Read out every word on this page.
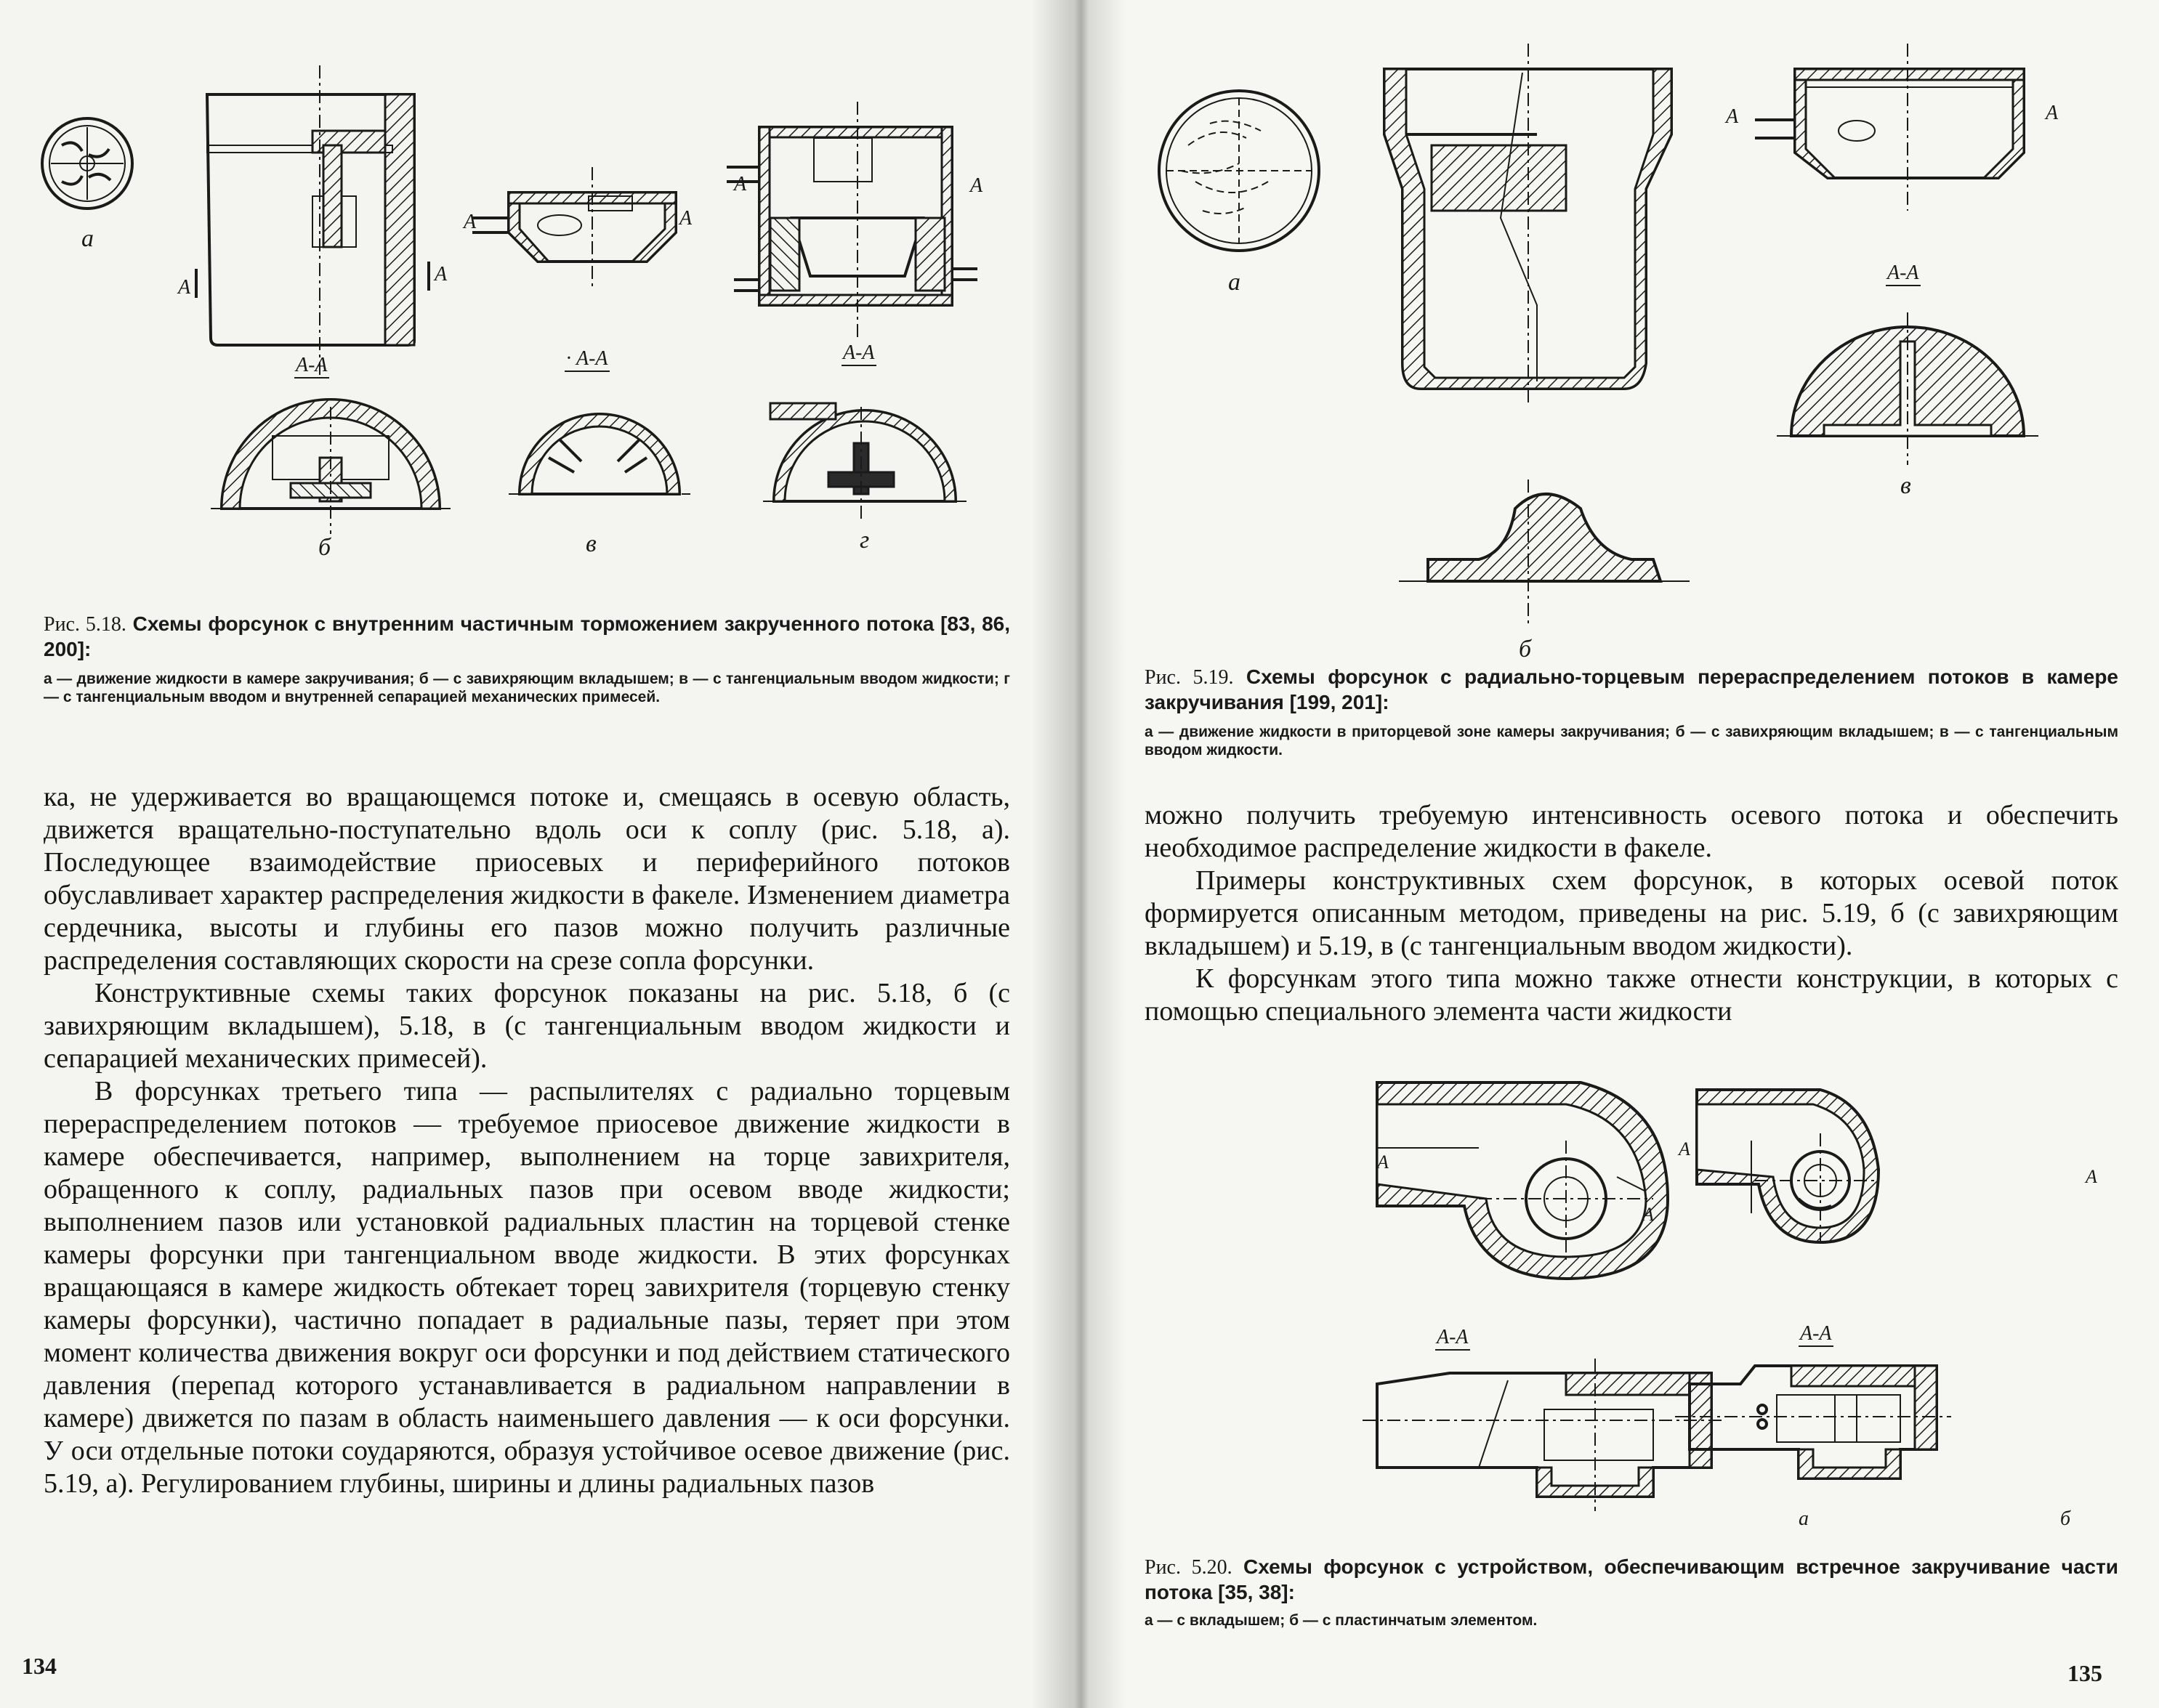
а
б	в	г
А-А	· А-А	А-А
А
А
А	А
А	А
Рис. 5.18. Схемы форсунок с внутренним частичным торможением закрученного потока [83, 86, 200]:
а — движение жидкости в камере закручивания; б — с завихряющим вкладышем; в — с тангенциальным вводом жидкости; г — с тангенциальным вводом и внутренней сепарацией механических примесей.

ка, не удерживается во вращающемся потоке и, смещаясь в осевую область, движется вращательно-поступательно вдоль оси к соплу (рис. 5.18, а). Последующее взаимодействие приосевых и периферийного потоков обуславливает характер распределения жидкости в факеле. Изменением диаметра сердечника, высоты и глубины его пазов можно получить различные распределения составляющих скорости на срезе сопла форсунки.

Конструктивные схемы таких форсунок показаны на рис. 5.18, б (с завихряющим вкладышем), 5.18, в (с тангенциальным вводом жидкости и сепарацией механических примесей).

В форсунках третьего типа — распылителях с радиально торцевым перераспределением потоков — требуемое приосевое движение жидкости в камере обеспечивается, например, выполнением на торце завихрителя, обращенного к соплу, радиальных пазов при осевом вводе жидкости; выполнением пазов или установкой радиальных пластин на торцевой стенке камеры форсунки при тангенциальном вводе жидкости. В этих форсунках вращающаяся в камере жидкость обтекает торец завихрителя (торцевую стенку камеры форсунки), частично попадает в радиальные пазы, теряет при этом момент количества движения вокруг оси форсунки и под действием статического давления (перепад которого устанавливается в радиальном направлении в камере) движется по пазам в область наименьшего давления — к оси форсунки. У оси отдельные потоки соударяются, образуя устойчивое осевое движение (рис. 5.19, а). Регулированием глубины, ширины и длины радиальных пазов

134
а
б
в
А-А
А	А
Рис. 5.19. Схемы форсунок с радиально-торцевым перераспределением потоков в камере закручивания [199, 201]:
а — движение жидкости в приторцевой зоне камеры закручивания; б — с завихряющим вкладышем; в — с тангенциальным вводом жидкости.

можно получить требуемую интенсивность осевого потока и обеспечить необходимое распределение жидкости в факеле.

Примеры конструктивных схем форсунок, в которых осевой поток формируется описанным методом, приведены на рис. 5.19, б (с завихряющим вкладышем) и 5.19, в (с тангенциальным вводом жидкости).

К форсункам этого типа можно также отнести конструкции, в которых с помощью специального элемента части жидкости

а	б
А-А	А-А
А
А
А
А
Рис. 5.20. Схемы форсунок с устройством, обеспечивающим встречное закручивание части потока [35, 38]:
а — с вкладышем; б — с пластинчатым элементом.
135
